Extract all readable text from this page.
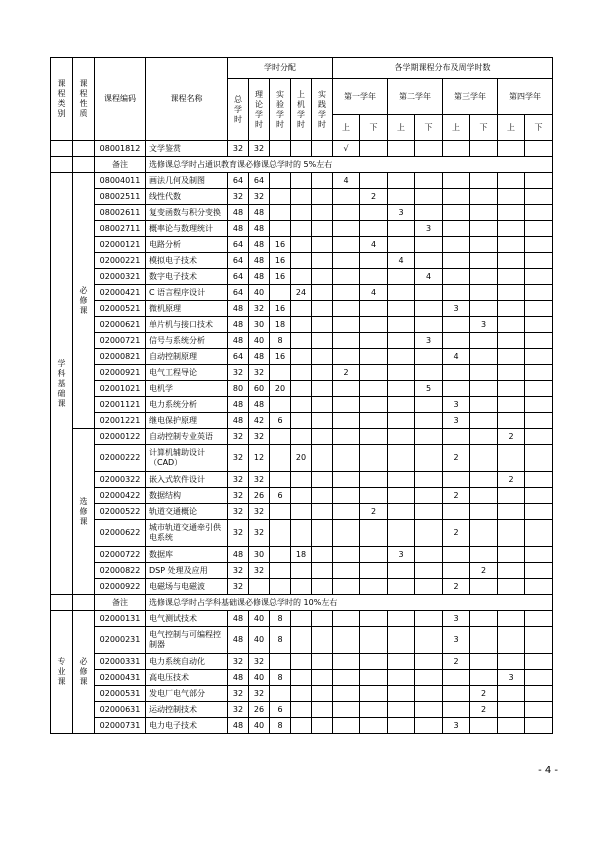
课
程
类
别	课
程
性
质	课程编码	课程名称	学时分配					各学期课程分布及周学时数							
				总
学
时	理
论
学
时	实
验
学
时	上
机
学
时	实
践
学
时	第一学年		第二学年		第三学年		第四学年	
									上	下	上	下	上	下	上	下
		08001812	文学鉴赏	32	32				√							
		备注	选修课总学时占通识教育课必修课总学时的 5%左右													
学
科
基
础
课	必
修
课	08004011	画法几何及制图	64	64				4							
		08002511	线性代数	32	32					2						
		08002611	复变函数与积分变换	48	48						3					
		08002711	概率论与数理统计	48	48							3				
		02000121	电路分析	64	48	16				4						
		02000221	模拟电子技术	64	48	16					4					
		02000321	数字电子技术	64	48	16						4				
		02000421	C 语言程序设计	64	40		24			4						
		02000521	微机原理	48	32	16							3			
		02000621	单片机与接口技术	48	30	18								3		
		02000721	信号与系统分析	48	40	8						3				
		02000821	自动控制原理	64	48	16							4			
		02000921	电气工程导论	32	32				2							
		02001021	电机学	80	60	20						5				
		02001121	电力系统分析	48	48								3			
		02001221	继电保护原理	48	42	6							3			
	选
修
课	02000122	自动控制专业英语	32	32										2	
		02000222	计算机辅助设计（CAD）	32	12		20						2			
		02000322	嵌入式软件设计	32	32										2	
		02000422	数据结构	32	26	6							2			
		02000522	轨道交通概论	32	32					2						
		02000622	城市轨道交通牵引供电系统	32	32								2			
		02000722	数据库	48	30		18				3					
		02000822	DSP 处理及应用	32	32									2		
		02000922	电磁场与电磁波	32									2			
		备注	选修课总学时占学科基础课必修课总学时的 10%左右													
专
业
课	必
修
课	02000131	电气测试技术	48	40	8							3			
		02000231	电气控制与可编程控制器	48	40	8							3			
		02000331	电力系统自动化	32	32								2			
		02000431	高电压技术	48	40	8									3	
		02000531	发电厂电气部分	32	32									2		
		02000631	运动控制技术	32	26	6								2		
		02000731	电力电子技术	48	40	8							3			
- 4 -
